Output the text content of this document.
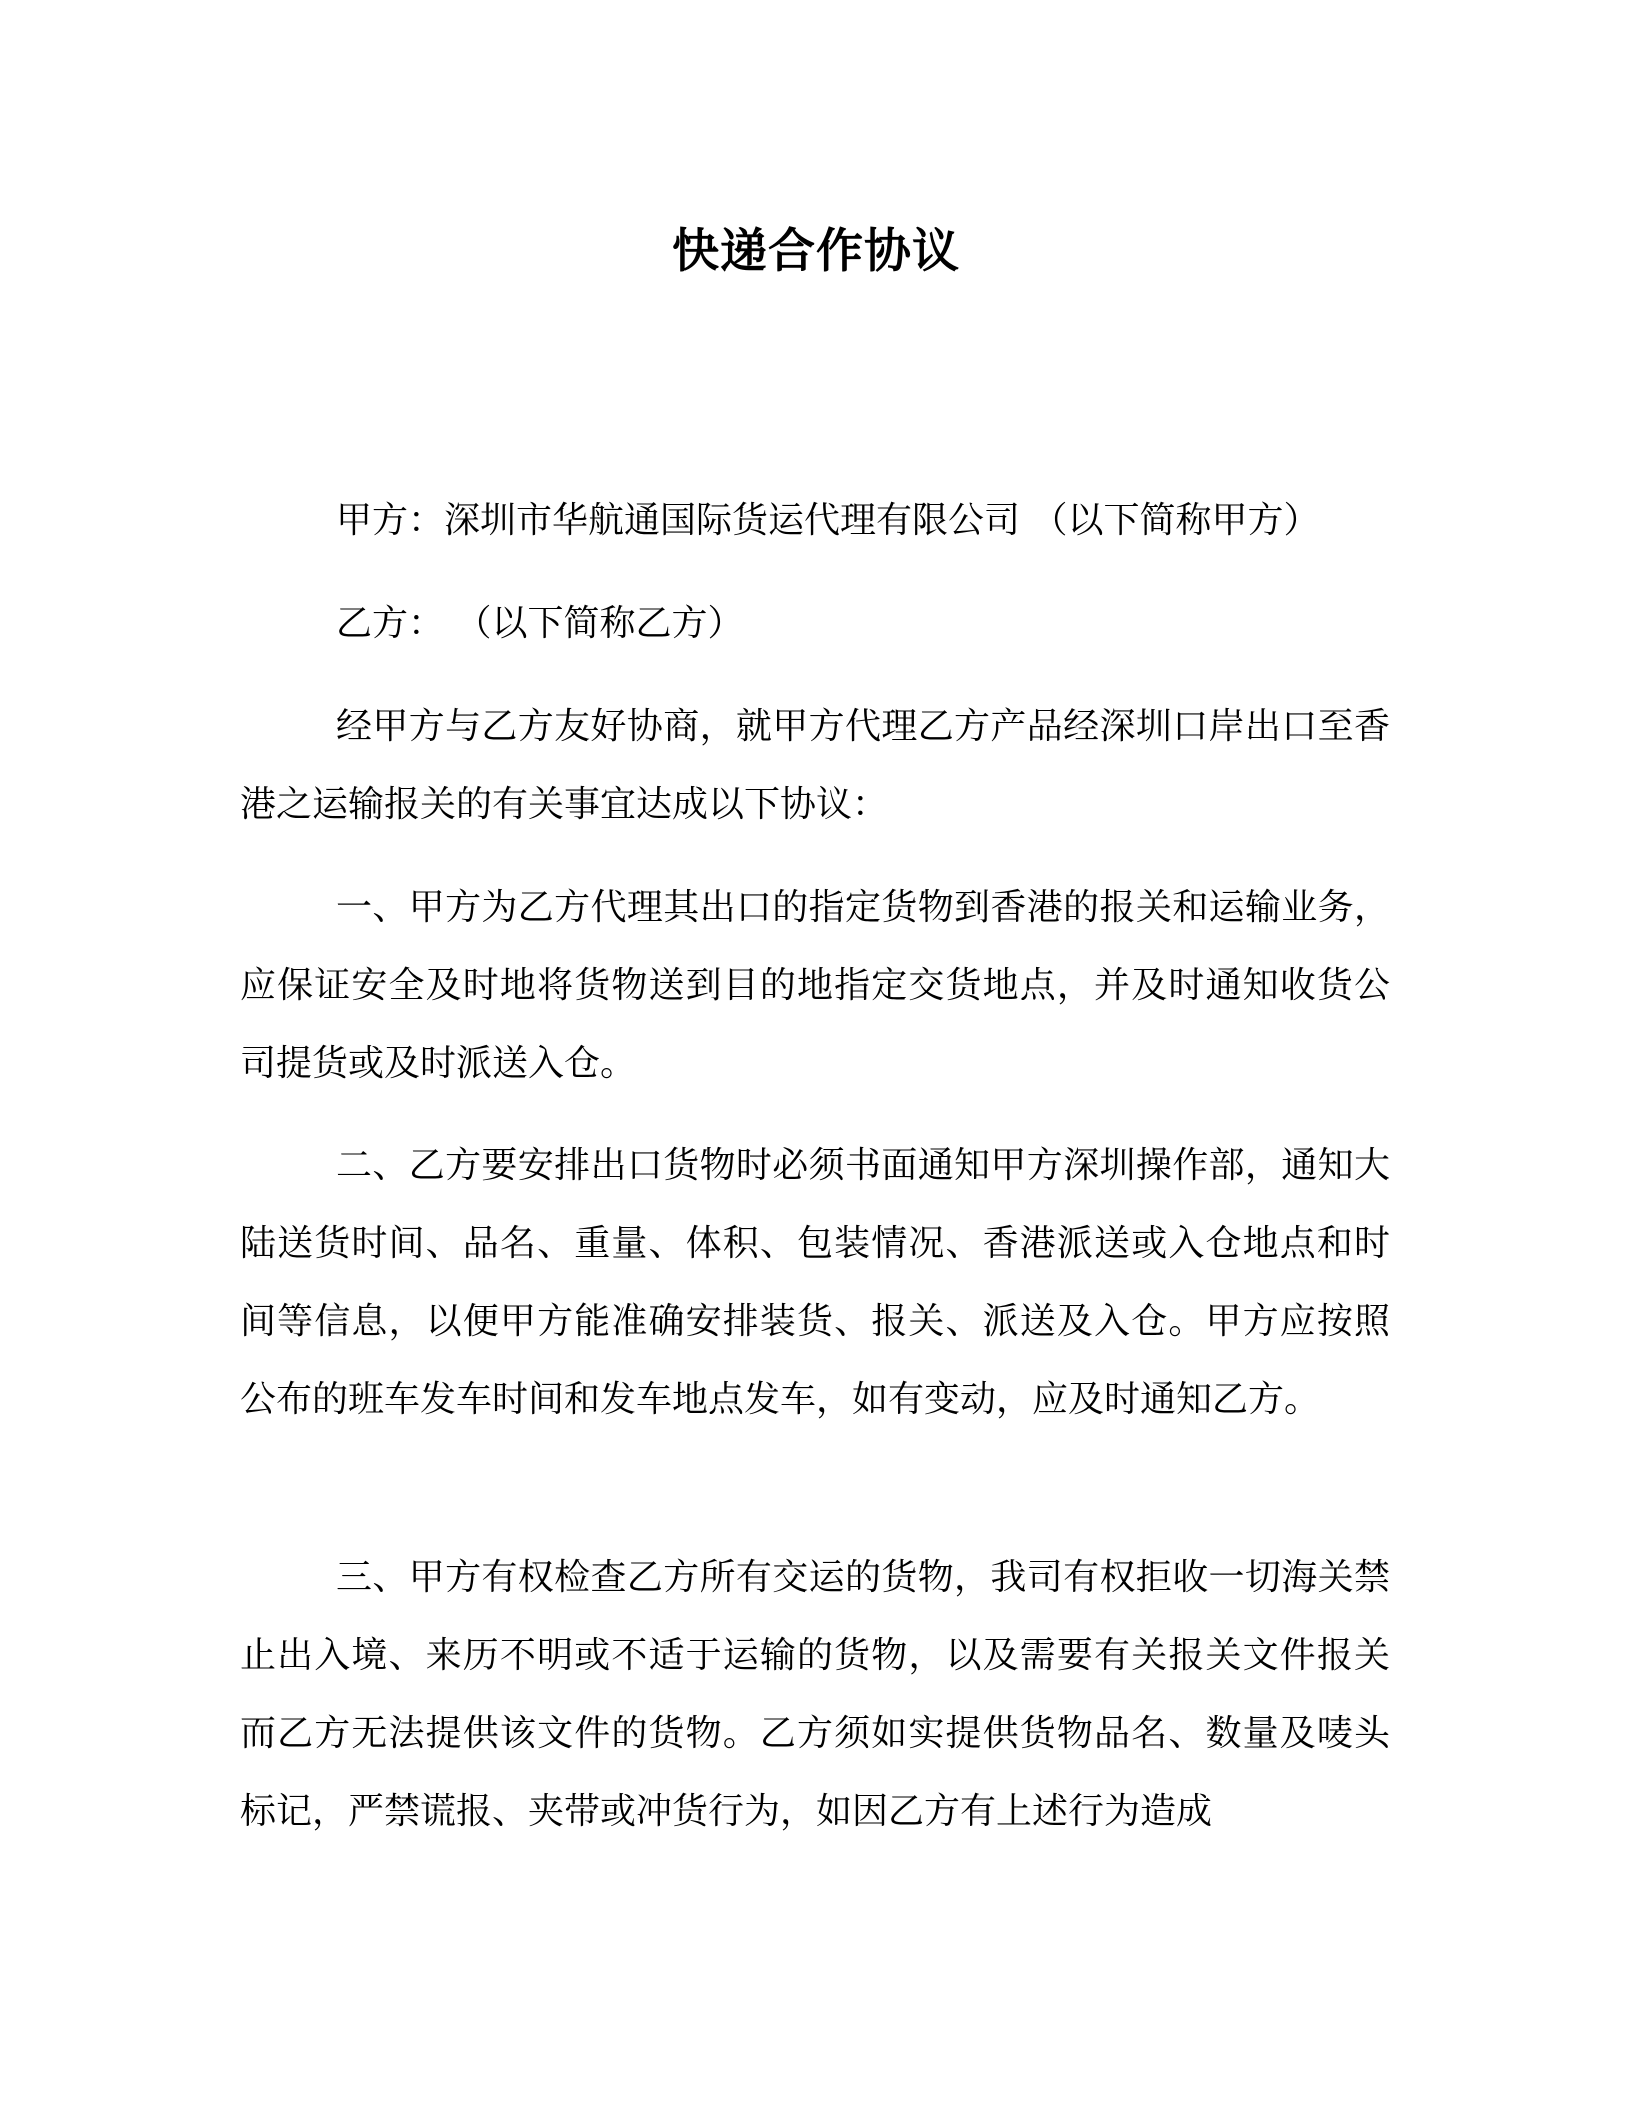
快递合作协议

甲方：深圳市华航通国际货运代理有限公司 （以下简称甲方）

乙方： （以下简称乙方）

经甲方与乙方友好协商，就甲方代理乙方产品经深圳口岸出口至香港之运输报关的有关事宜达成以下协议：

一、甲方为乙方代理其出口的指定货物到香港的报关和运输业务，应保证安全及时地将货物送到目的地指定交货地点，并及时通知收货公司提货或及时派送入仓。

二、乙方要安排出口货物时必须书面通知甲方深圳操作部，通知大陆送货时间、品名、重量、体积、包装情况、香港派送或入仓地点和时间等信息，以便甲方能准确安排装货、报关、派送及入仓。甲方应按照公布的班车发车时间和发车地点发车，如有变动，应及时通知乙方。

三、甲方有权检查乙方所有交运的货物，我司有权拒收一切海关禁止出入境、来历不明或不适于运输的货物，以及需要有关报关文件报关而乙方无法提供该文件的货物。乙方须如实提供货物品名、数量及唛头标记，严禁谎报、夹带或冲货行为，如因乙方有上述行为造成
